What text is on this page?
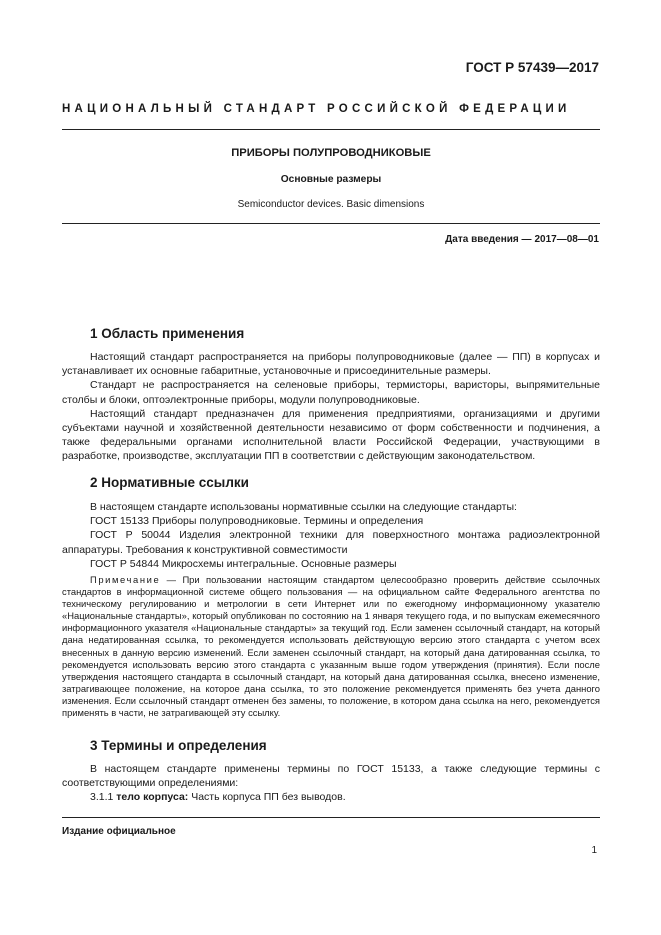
ГОСТ Р 57439—2017
НАЦИОНАЛЬНЫЙ СТАНДАРТ РОССИЙСКОЙ ФЕДЕРАЦИИ
ПРИБОРЫ ПОЛУПРОВОДНИКОВЫЕ
Основные размеры
Semiconductor devices. Basic dimensions
Дата введения — 2017—08—01
1 Область применения

Настоящий стандарт распространяется на приборы полупроводниковые (далее — ПП) в корпусах и устанавливает их основные габаритные, установочные и присоединительные размеры.

Стандарт не распространяется на селеновые приборы, термисторы, варисторы, выпрямительные столбы и блоки, оптоэлектронные приборы, модули полупроводниковые.

Настоящий стандарт предназначен для применения предприятиями, организациями и другими субъектами научной и хозяйственной деятельности независимо от форм собственности и подчинения, а также федеральными органами исполнительной власти Российской Федерации, участвующими в разработке, производстве, эксплуатации ПП в соответствии с действующим законодательством.

2 Нормативные ссылки

В настоящем стандарте использованы нормативные ссылки на следующие стандарты:

ГОСТ 15133 Приборы полупроводниковые. Термины и определения

ГОСТ Р 50044 Изделия электронной техники для поверхностного монтажа радиоэлектронной аппаратуры. Требования к конструктивной совместимости

ГОСТ Р 54844 Микросхемы интегральные. Основные размеры

Примечание — При пользовании настоящим стандартом целесообразно проверить действие ссылочных стандартов в информационной системе общего пользования — на официальном сайте Федерального агентства по техническому регулированию и метрологии в сети Интернет или по ежегодному информационному указателю «Национальные стандарты», который опубликован по состоянию на 1 января текущего года, и по выпускам ежемесячного информационного указателя «Национальные стандарты» за текущий год. Если заменен ссылочный стандарт, на который дана недатированная ссылка, то рекомендуется использовать действующую версию этого стандарта с учетом всех внесенных в данную версию изменений. Если заменен ссылочный стандарт, на который дана датированная ссылка, то рекомендуется использовать версию этого стандарта с указанным выше годом утверждения (принятия). Если после утверждения настоящего стандарта в ссылочный стандарт, на который дана датированная ссылка, внесено изменение, затрагивающее положение, на которое дана ссылка, то это положение рекомендуется применять без учета данного изменения. Если ссылочный стандарт отменен без замены, то положение, в котором дана ссылка на него, рекомендуется применять в части, не затрагивающей эту ссылку.

3 Термины и определения

В настоящем стандарте применены термины по ГОСТ 15133, а также следующие термины с соответствующими определениями:

3.1.1 тело корпуса: Часть корпуса ПП без выводов.

Издание официальное
1
